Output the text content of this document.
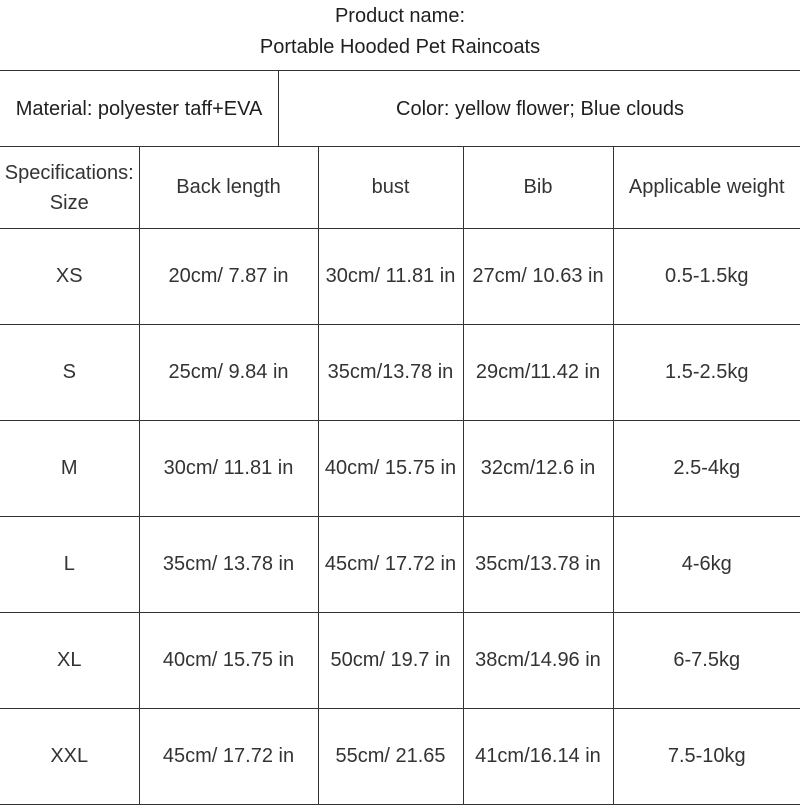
Product name:
Portable Hooded Pet Raincoats
Material: polyester taff+EVA	Color: yellow flower; Blue clouds
Specifications:
Size	Back length	bust	Bib	Applicable weight
XS	20cm/ 7.87 in	30cm/ 11.81 in	27cm/ 10.63 in	0.5-1.5kg
S	25cm/ 9.84 in	35cm/13.78 in	29cm/11.42 in	1.5-2.5kg
M	30cm/ 11.81 in	40cm/ 15.75 in	32cm/12.6 in	2.5-4kg
L	35cm/ 13.78 in	45cm/ 17.72 in	35cm/13.78 in	4-6kg
XL	40cm/ 15.75 in	50cm/ 19.7 in	38cm/14.96 in	6-7.5kg
XXL	45cm/ 17.72 in	55cm/ 21.65	41cm/16.14 in	7.5-10kg
